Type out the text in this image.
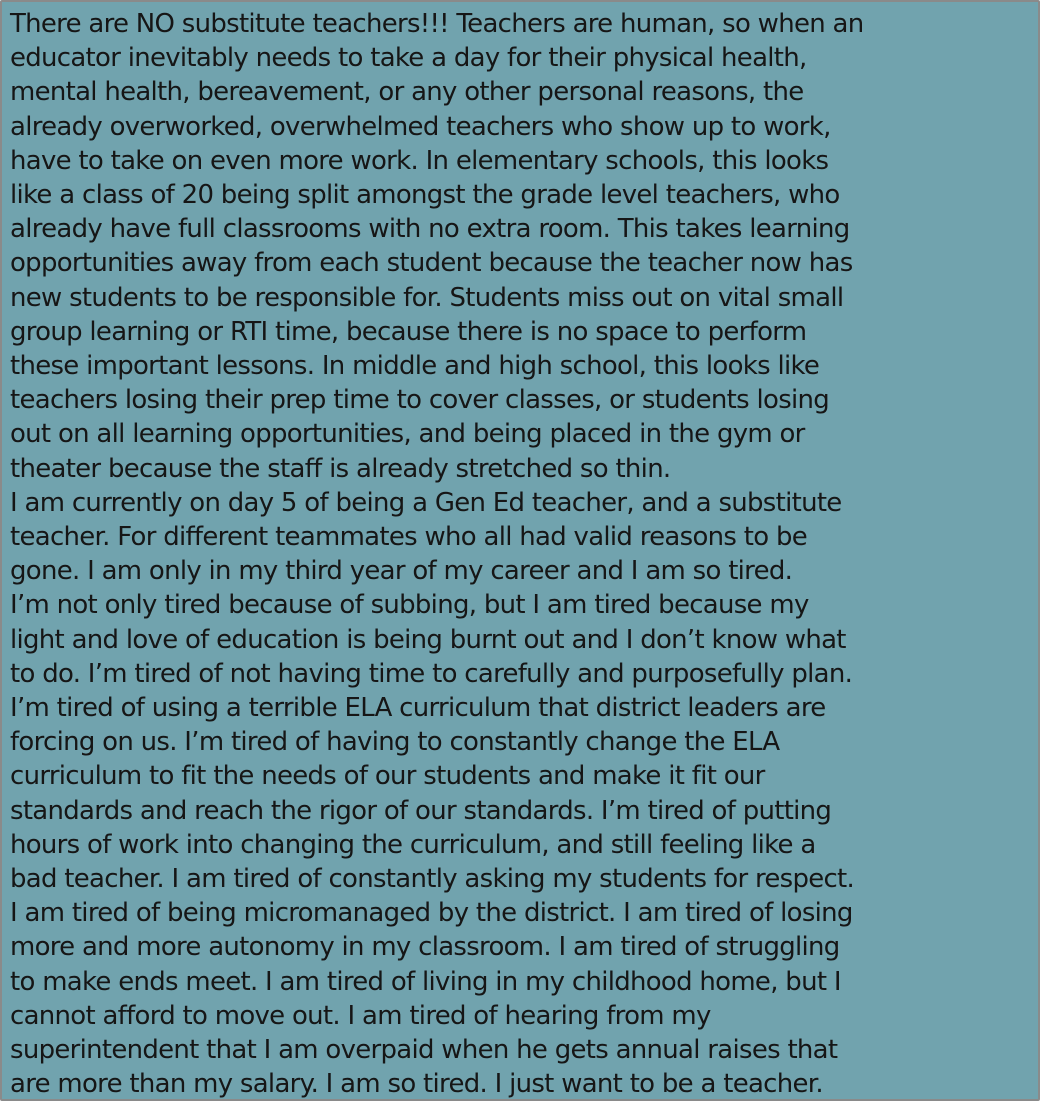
There are NO substitute teachers!!! Teachers are human, so when an
educator inevitably needs to take a day for their physical health,
mental health, bereavement, or any other personal reasons, the
already overworked, overwhelmed teachers who show up to work,
have to take on even more work. In elementary schools, this looks
like a class of 20 being split amongst the grade level teachers, who
already have full classrooms with no extra room. This takes learning
opportunities away from each student because the teacher now has
new students to be responsible for. Students miss out on vital small
group learning or RTI time, because there is no space to perform
these important lessons. In middle and high school, this looks like
teachers losing their prep time to cover classes, or students losing
out on all learning opportunities, and being placed in the gym or
theater because the staff is already stretched so thin.
I am currently on day 5 of being a Gen Ed teacher, and a substitute
teacher. For different teammates who all had valid reasons to be
gone. I am only in my third year of my career and I am so tired.
I’m not only tired because of subbing, but I am tired because my
light and love of education is being burnt out and I don’t know what
to do. I’m tired of not having time to carefully and purposefully plan.
I’m tired of using a terrible ELA curriculum that district leaders are
forcing on us. I’m tired of having to constantly change the ELA
curriculum to fit the needs of our students and make it fit our
standards and reach the rigor of our standards. I’m tired of putting
hours of work into changing the curriculum, and still feeling like a
bad teacher. I am tired of constantly asking my students for respect.
I am tired of being micromanaged by the district. I am tired of losing
more and more autonomy in my classroom. I am tired of struggling
to make ends meet. I am tired of living in my childhood home, but I
cannot afford to move out. I am tired of hearing from my
superintendent that I am overpaid when he gets annual raises that
are more than my salary. I am so tired. I just want to be a teacher.
